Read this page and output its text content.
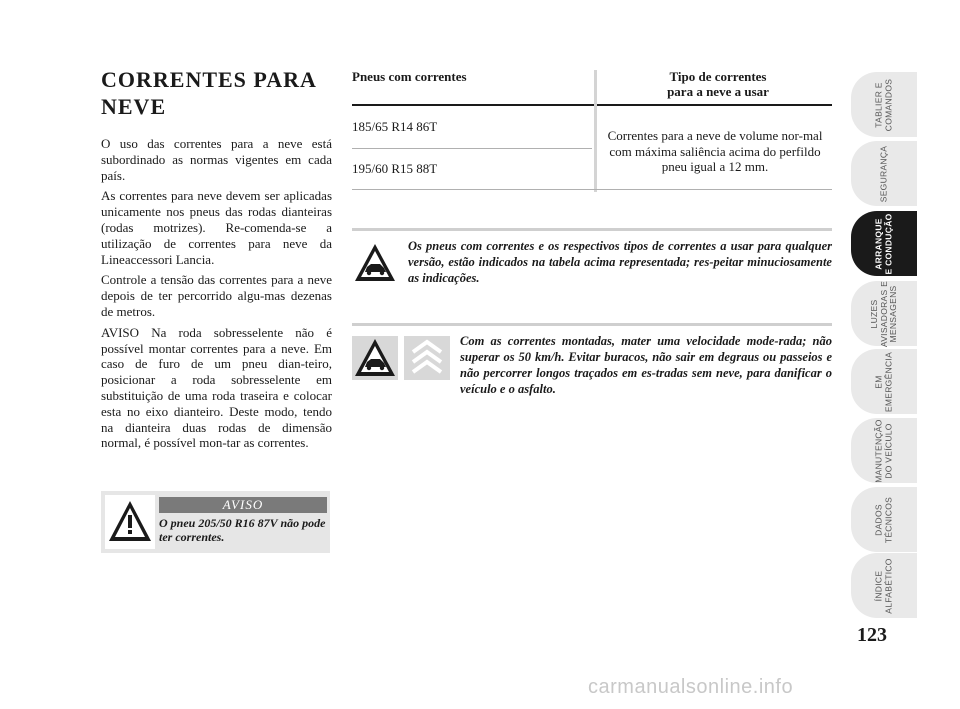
CORRENTES PARA
NEVE

O uso das correntes para a neve está subordinado as normas vigentes em cada país.

As correntes para neve devem ser aplicadas unicamente nos pneus das rodas dianteiras (rodas motrizes). Re-comenda-se a utilização de correntes para neve da Lineaccessori Lancia.

Controle a tensão das correntes para a neve depois de ter percorrido algu-mas dezenas de metros.

AVISO Na roda sobresselente não é possível montar correntes para a neve. Em caso de furo de um pneu dian-teiro, posicionar a roda sobresselente em substituição de uma roda traseira e colocar esta no eixo dianteiro. Deste modo, tendo na dianteira duas rodas de dimensão normal, é possível mon-tar as correntes.

AVISO
O pneu 205/50 R16 87V não pode ter correntes.
Pneus com correntes	Tipo de correntes
para a neve a usar
185/65 R14 86T
195/60 R15 88T
Correntes para a neve de volume nor-mal com máxima saliência acima do perfildo pneu igual a 12 mm.
Os pneus com correntes e os respectivos tipos de correntes a usar para qualquer versão, estão indicados na tabela acima representada; res-peitar minuciosamente as indicações.
Com as correntes montadas, mater uma velocidade mode-rada; não superar os 50 km/h. Evitar buracos, não sair em degraus ou passeios e não percorrer longos traçados em es-tradas sem neve, para danificar o veículo e o asfalto.
TABLIER E
COMANDOS
SEGURANÇA
ARRANQUE
E CONDUÇÃO
LUZES
AVISADORAS E
MENSAGENS
EM
EMERGÊNCIA
MANUTENÇÃO
DO VEÍCULO
DADOS
TÉCNICOS
ÍNDICE
ALFABÉTICO
123
carmanualsonline.info
